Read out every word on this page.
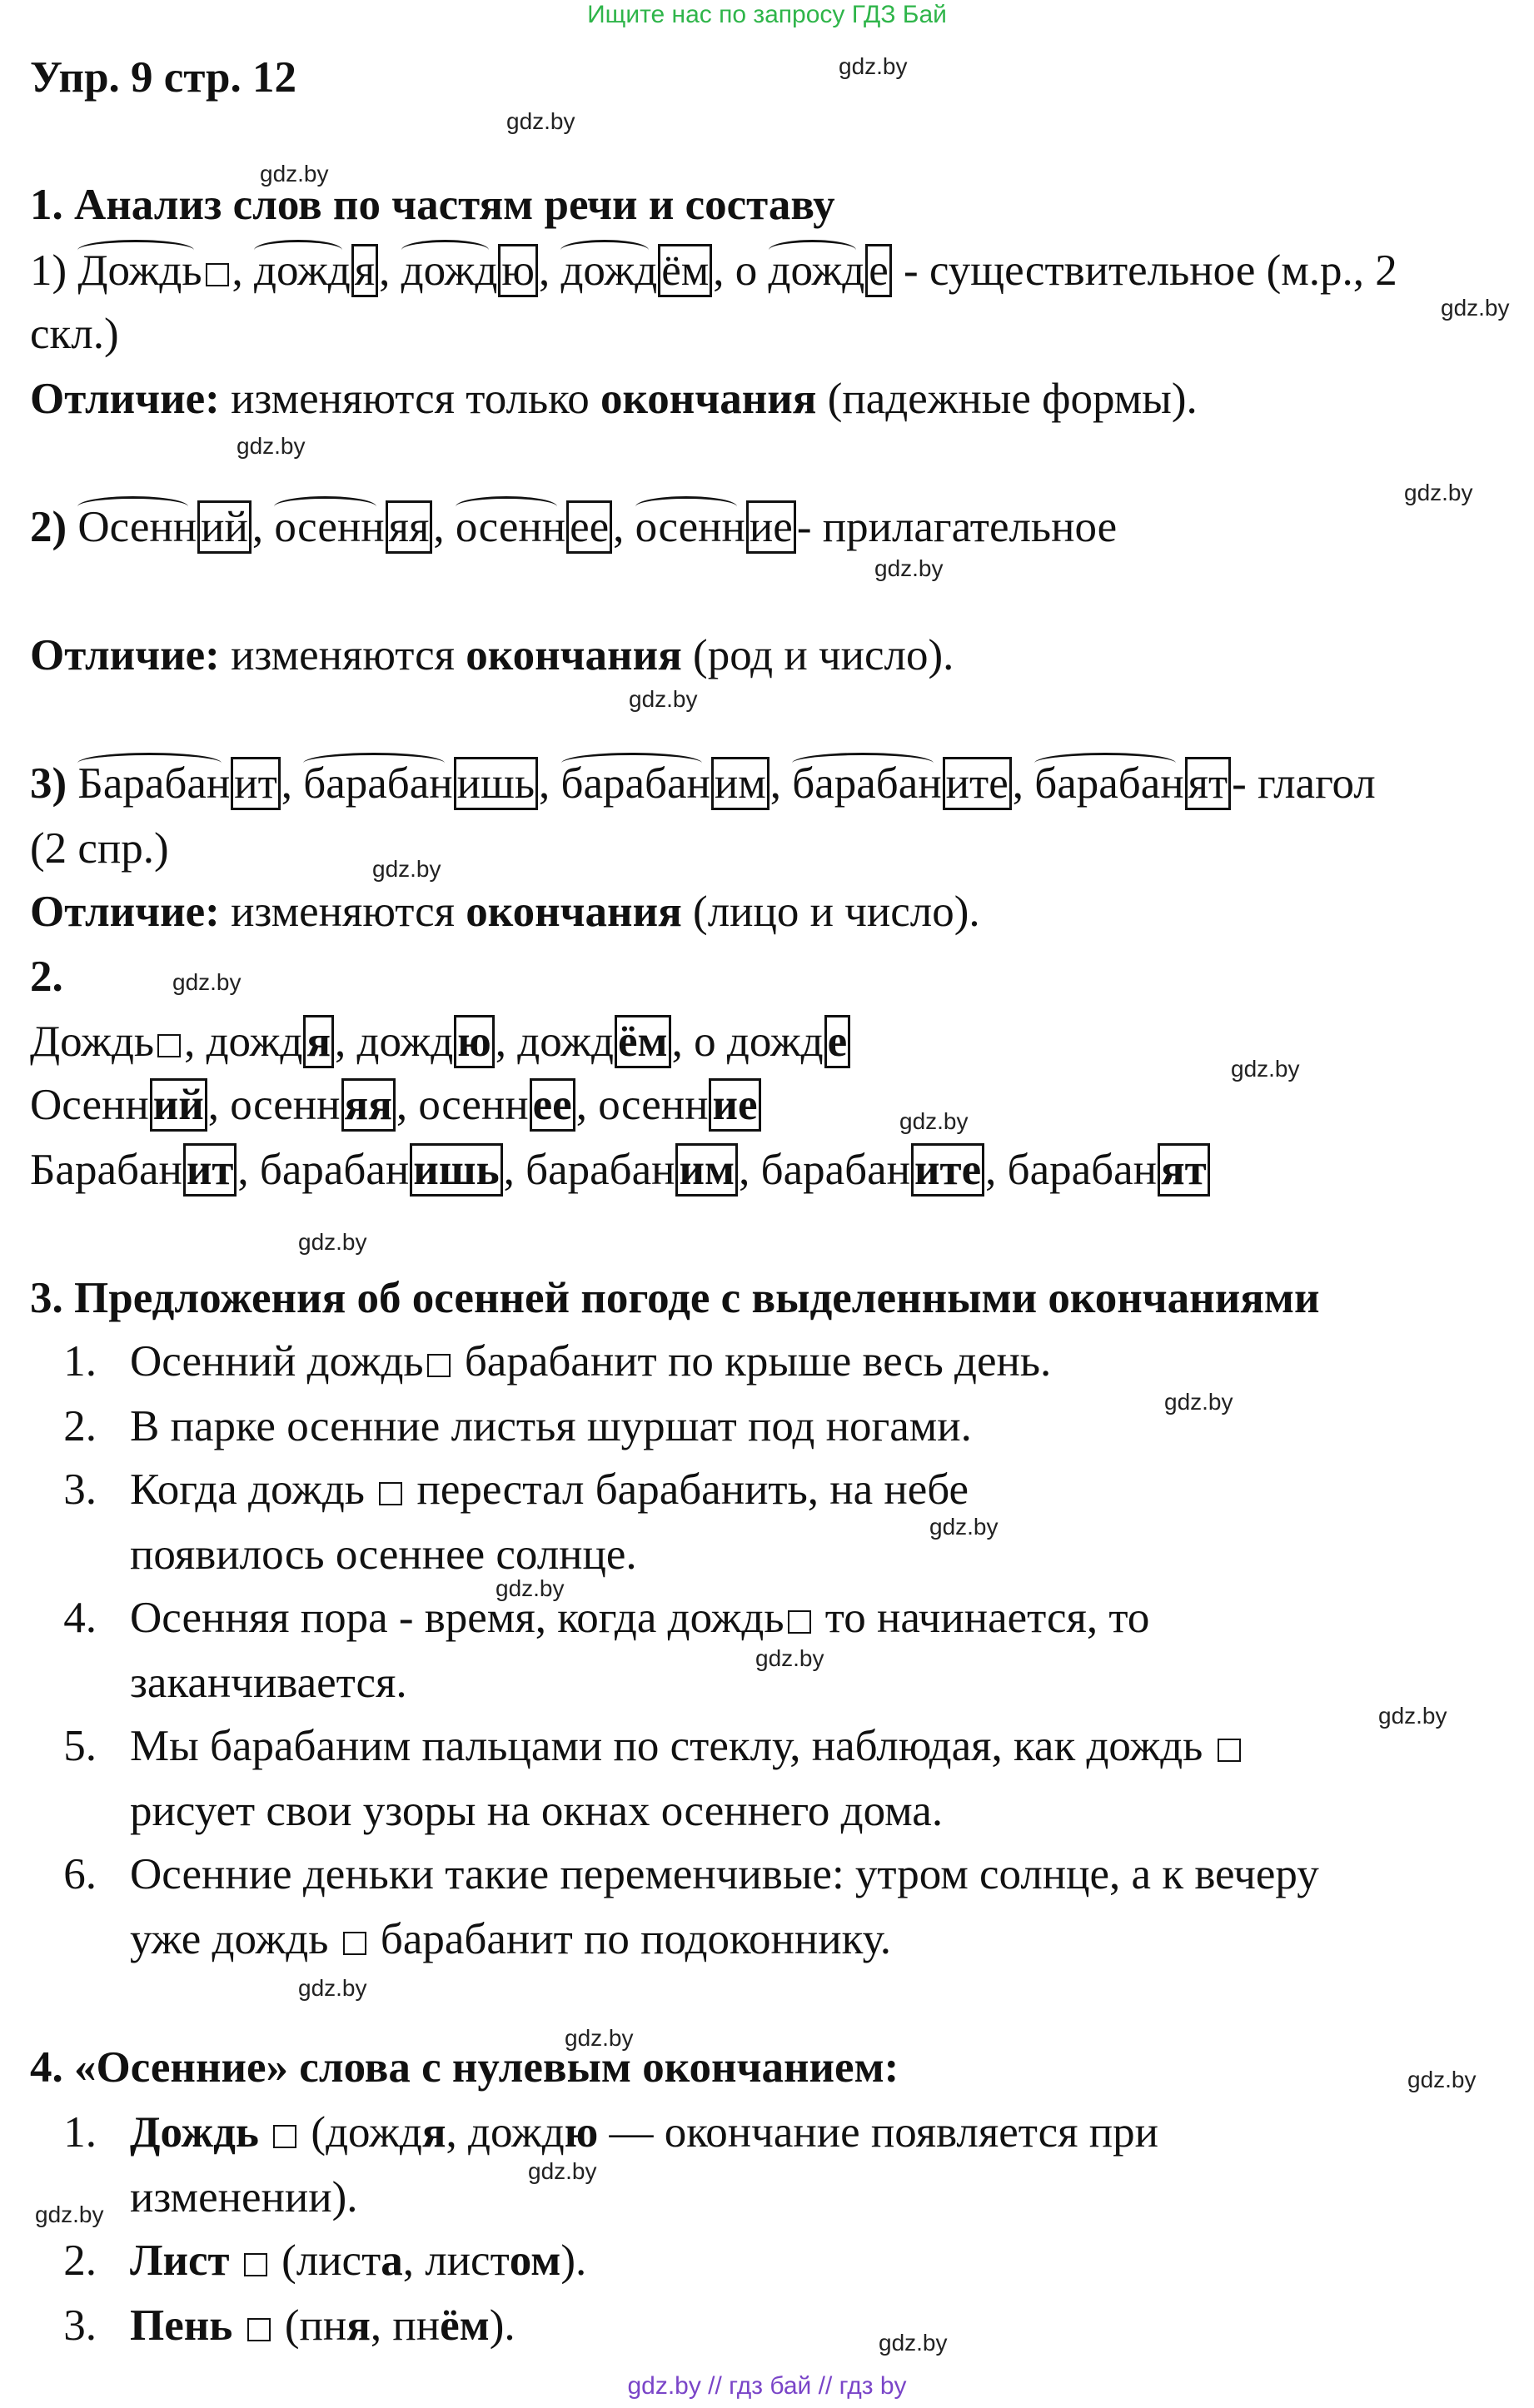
Ищите нас по запросу ГДЗ Бай
gdz.by
gdz.by
gdz.by
gdz.by
gdz.by
gdz.by
gdz.by
gdz.by
gdz.by
gdz.by
gdz.by
gdz.by
gdz.by
gdz.by
gdz.by
gdz.by
gdz.by
gdz.by
gdz.by
gdz.by
gdz.by
gdz.by
gdz.by
gdz.by
Упр. 9 стр. 12
1. Анализ слов по частям речи и составу
1) Дождь , дождя, дождю, дождём, о дожде - существительное (м.р., 2
скл.)
Отличие: изменяются только окончания (падежные формы).
2) Осенний, осенняя, осеннее, осенние- прилагательное
Отличие: изменяются окончания (род и число).
3) Барабанит, барабанишь, барабаним, барабаните, барабанят- глагол
(2 спр.)
Отличие: изменяются окончания (лицо и число).
2.
Дождь , дождя, дождю, дождём, о дожде
Осенний, осенняя, осеннее, осенние
Барабанит, барабанишь, барабаним, барабаните, барабанят
3. Предложения об осенней погоде с выделенными окончаниями
1. Осенний дождь барабанит по крыше весь день.
2. В парке осенние листья шуршат под ногами.
3. Когда дождь  перестал барабанить, на небе
появилось осеннее солнце.
4. Осенняя пора - время, когда дождь то начинается, то
заканчивается.
5. Мы барабаним пальцами по стеклу, наблюдая, как дождь
рисует свои узоры на окнах осеннего дома.
6. Осенние деньки такие переменчивые: утром солнце, а к вечеру
уже дождь  барабанит по подоконнику.
4. «Осенние» слова с нулевым окончанием:
1. Дождь  (дождя, дождю — окончание появляется при
изменении).
2. Лист  (листа, листом).
3. Пень  (пня, пнём).
gdz.by // гдз бай // гдз by
